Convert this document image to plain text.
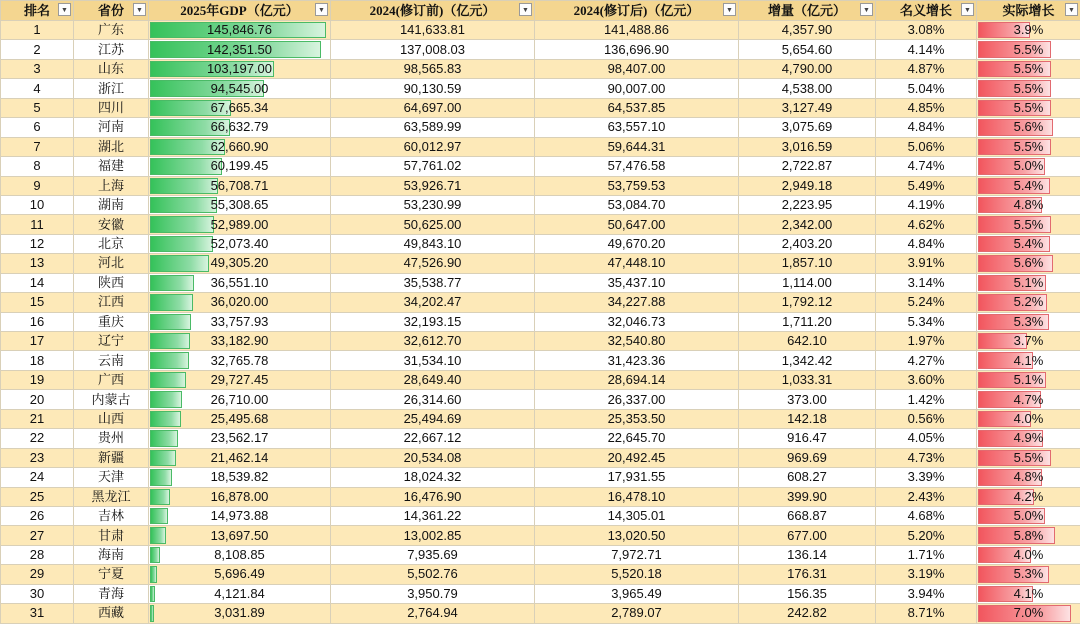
排名 ▼	省份 ▼	2025年GDP（亿元） ▼	2024(修订前)（亿元） ▼	2024(修订后)（亿元） ▼	增量（亿元） ▼	名义增长 ▼	实际增长 ▼

1	广东	145,846.76	141,633.81	141,488.86	4,357.90	3.08%	3.9%

2	江苏	142,351.50	137,008.03	136,696.90	5,654.60	4.14%	5.5%

3	山东	103,197.00	98,565.83	98,407.00	4,790.00	4.87%	5.5%

4	浙江	94,545.00	90,130.59	90,007.00	4,538.00	5.04%	5.5%

5	四川	67,665.34	64,697.00	64,537.85	3,127.49	4.85%	5.5%

6	河南	66,632.79	63,589.99	63,557.10	3,075.69	4.84%	5.6%

7	湖北	62,660.90	60,012.97	59,644.31	3,016.59	5.06%	5.5%

8	福建	60,199.45	57,761.02	57,476.58	2,722.87	4.74%	5.0%

9	上海	56,708.71	53,926.71	53,759.53	2,949.18	5.49%	5.4%

10	湖南	55,308.65	53,230.99	53,084.70	2,223.95	4.19%	4.8%

11	安徽	52,989.00	50,625.00	50,647.00	2,342.00	4.62%	5.5%

12	北京	52,073.40	49,843.10	49,670.20	2,403.20	4.84%	5.4%

13	河北	49,305.20	47,526.90	47,448.10	1,857.10	3.91%	5.6%

14	陕西	36,551.10	35,538.77	35,437.10	1,114.00	3.14%	5.1%

15	江西	36,020.00	34,202.47	34,227.88	1,792.12	5.24%	5.2%

16	重庆	33,757.93	32,193.15	32,046.73	1,711.20	5.34%	5.3%

17	辽宁	33,182.90	32,612.70	32,540.80	642.10	1.97%	3.7%

18	云南	32,765.78	31,534.10	31,423.36	1,342.42	4.27%	4.1%

19	广西	29,727.45	28,649.40	28,694.14	1,033.31	3.60%	5.1%

20	内蒙古	26,710.00	26,314.60	26,337.00	373.00	1.42%	4.7%

21	山西	25,495.68	25,494.69	25,353.50	142.18	0.56%	4.0%

22	贵州	23,562.17	22,667.12	22,645.70	916.47	4.05%	4.9%

23	新疆	21,462.14	20,534.08	20,492.45	969.69	4.73%	5.5%

24	天津	18,539.82	18,024.32	17,931.55	608.27	3.39%	4.8%

25	黑龙江	16,878.00	16,476.90	16,478.10	399.90	2.43%	4.2%

26	吉林	14,973.88	14,361.22	14,305.01	668.87	4.68%	5.0%

27	甘肃	13,697.50	13,002.85	13,020.50	677.00	5.20%	5.8%

28	海南	8,108.85	7,935.69	7,972.71	136.14	1.71%	4.0%

29	宁夏	5,696.49	5,502.76	5,520.18	176.31	3.19%	5.3%

30	青海	4,121.84	3,950.79	3,965.49	156.35	3.94%	4.1%

31	西藏	3,031.89	2,764.94	2,789.07	242.82	8.71%	7.0%
